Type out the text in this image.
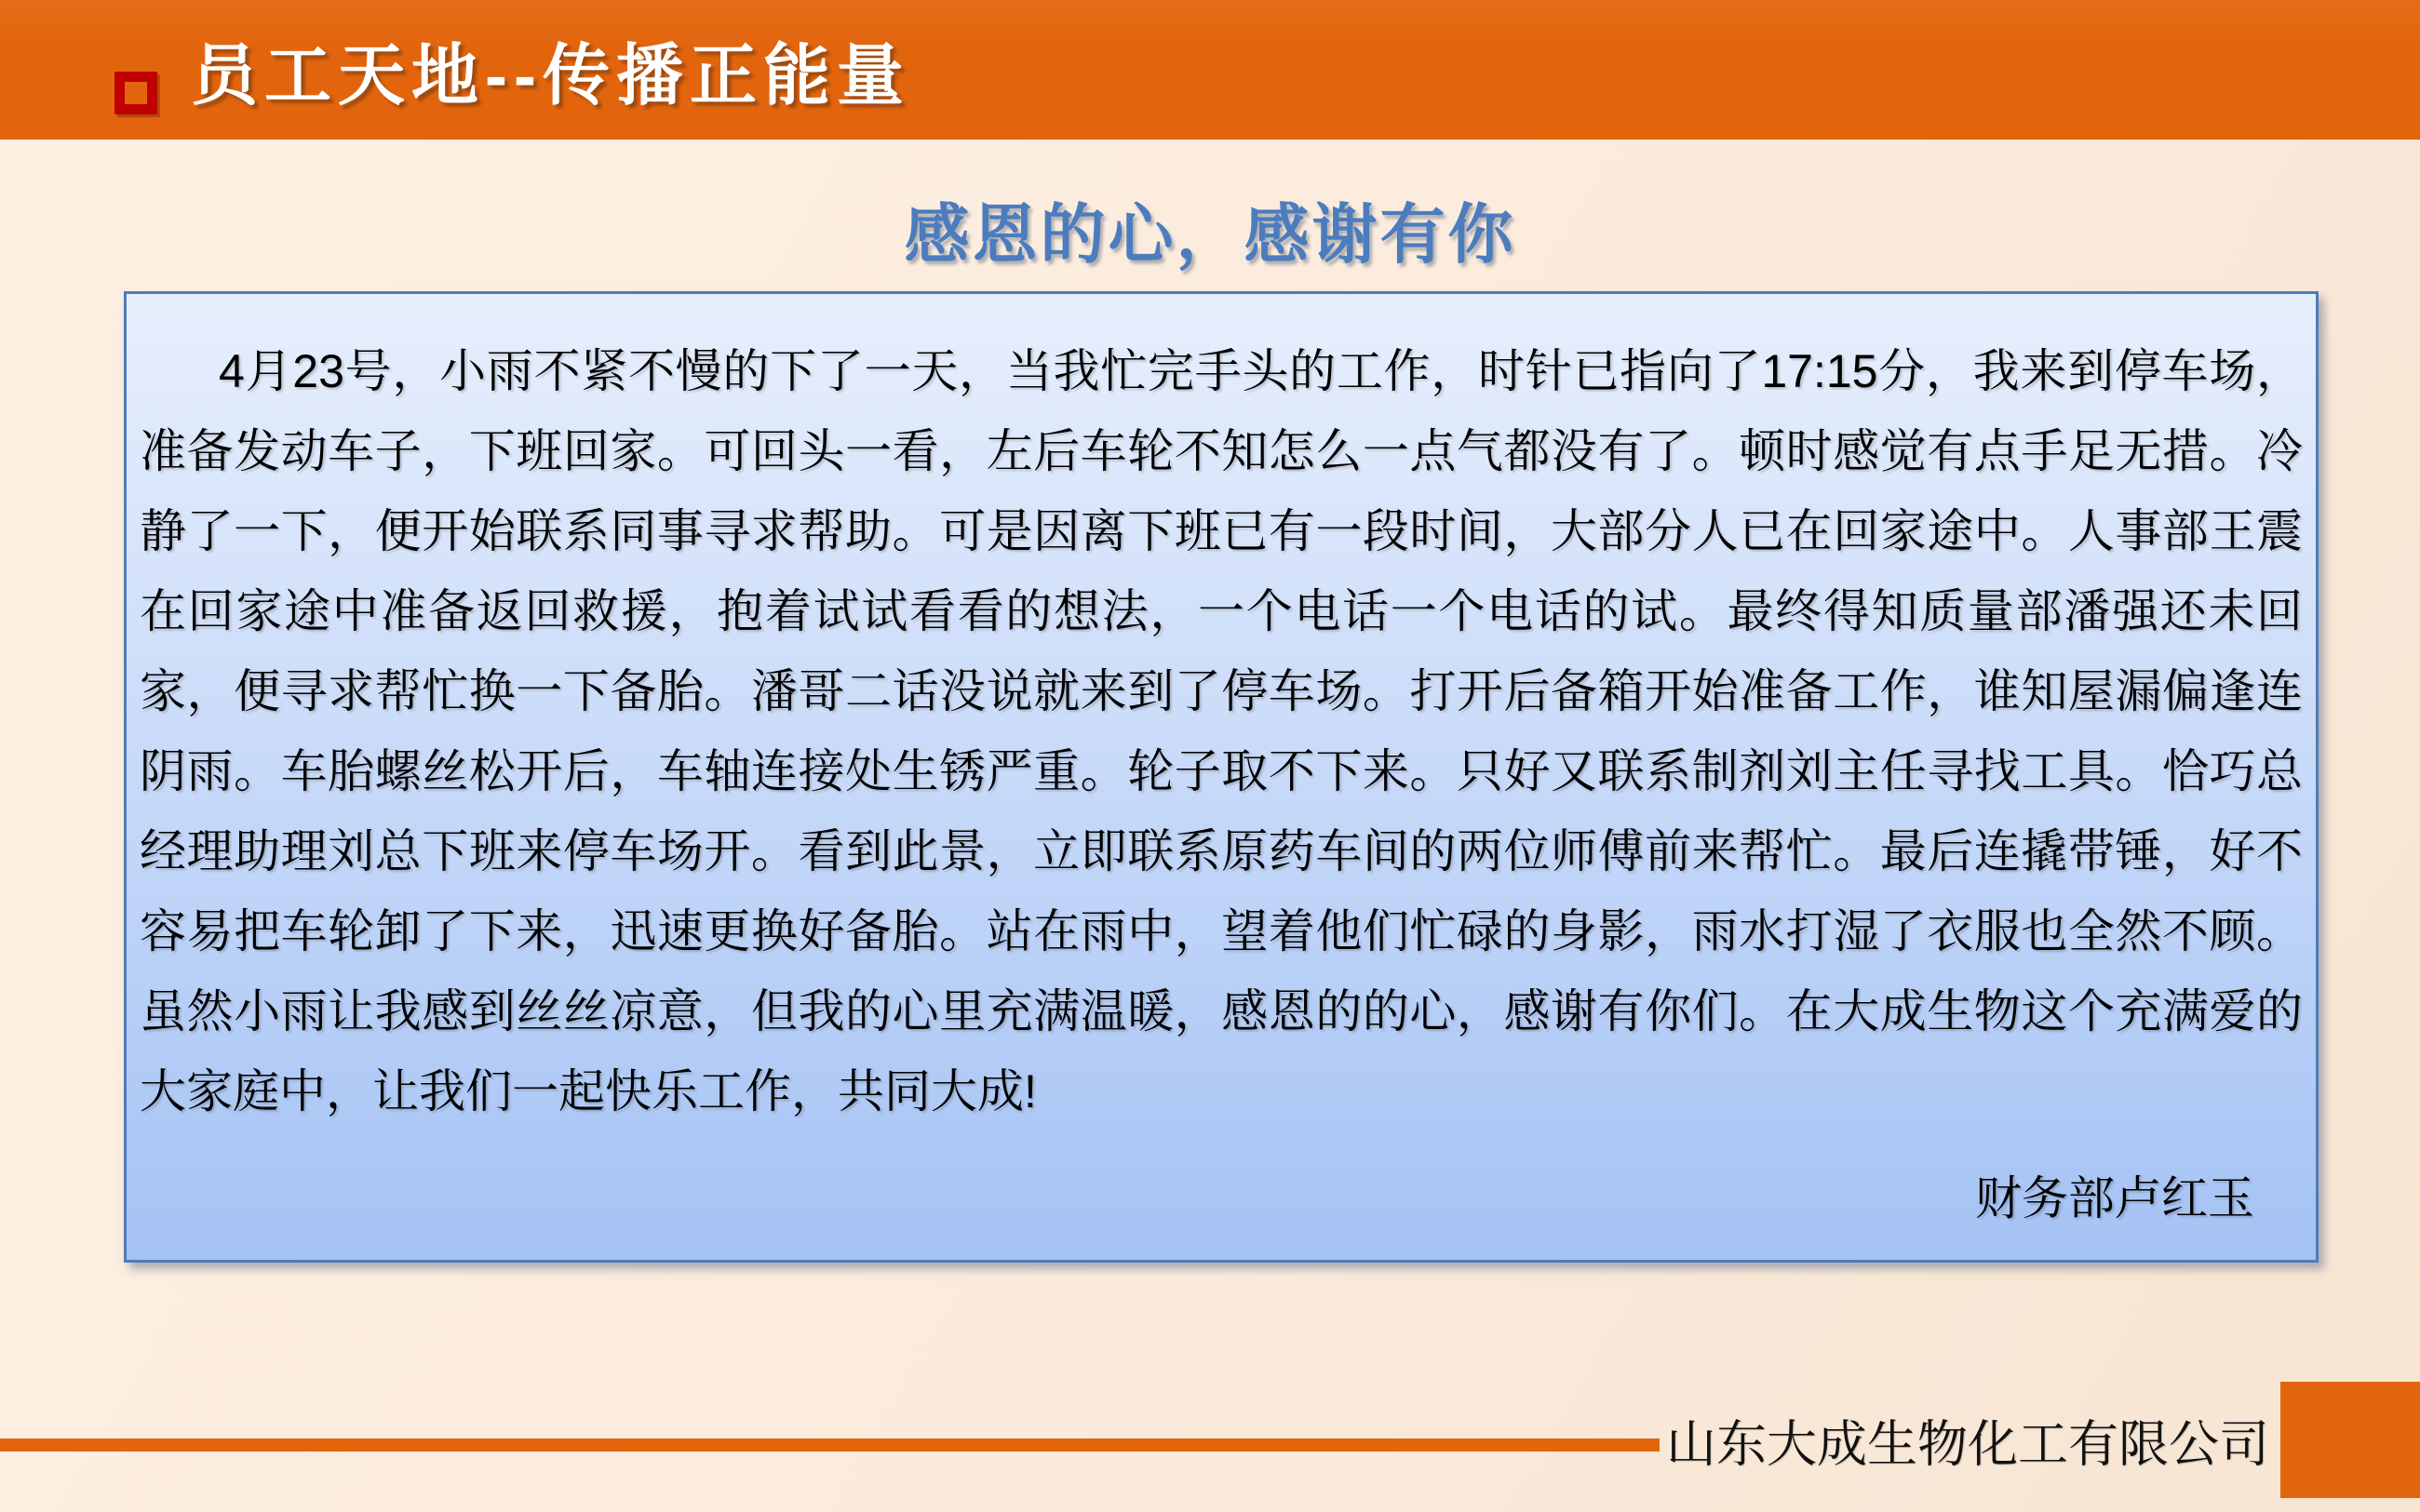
员工天地--传播正能量
感恩的心，感谢有你

4月23号，小雨不紧不慢的下了一天，当我忙完手头的工作，时针已指向了17:15分，我来到停车场，准备发动车子，下班回家。可回头一看，左后车轮不知怎么一点气都没有了。顿时感觉有点手足无措。冷静了一下，便开始联系同事寻求帮助。可是因离下班已有一段时间，大部分人已在回家途中。人事部王震在回家途中准备返回救援，抱着试试看看的想法，一个电话一个电话的试。最终得知质量部潘强还未回家，便寻求帮忙换一下备胎。潘哥二话没说就来到了停车场。打开后备箱开始准备工作，谁知屋漏偏逢连阴雨。车胎螺丝松开后，车轴连接处生锈严重。轮子取不下来。只好又联系制剂刘主任寻找工具。恰巧总经理助理刘总下班来停车场开。看到此景，立即联系原药车间的两位师傅前来帮忙。最后连撬带锤，好不容易把车轮卸了下来，迅速更换好备胎。站在雨中，望着他们忙碌的身影，雨水打湿了衣服也全然不顾。虽然小雨让我感到丝丝凉意，但我的心里充满温暖，感恩的的心，感谢有你们。在大成生物这个充满爱的大家庭中，让我们一起快乐工作，共同大成!

财务部卢红玉

山东大成生物化工有限公司
